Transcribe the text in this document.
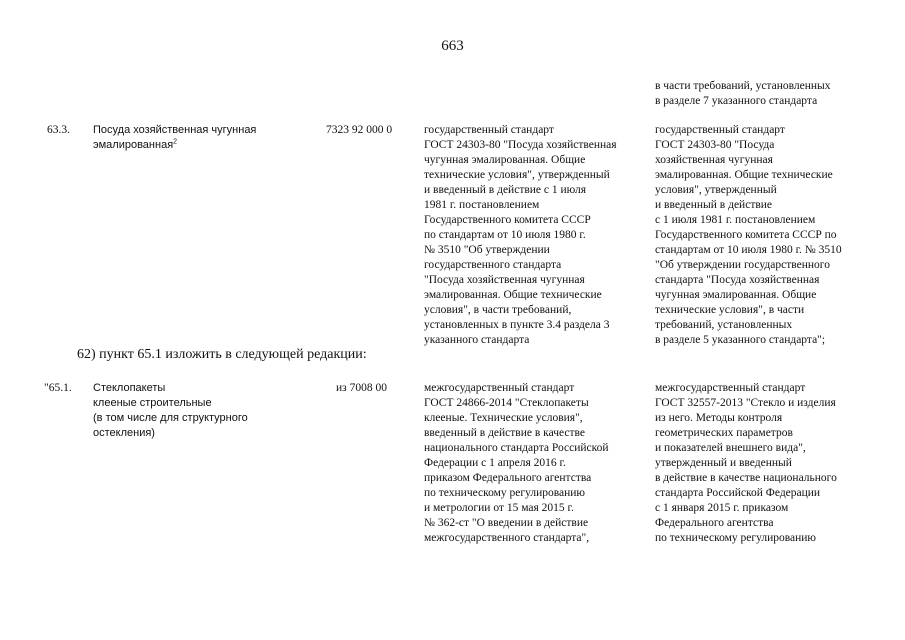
663
в части требований, установленных
в разделе 7 указанного стандарта
63.3. Посуда хозяйственная чугунная
эмалированная$^2$
7323 92 000 0	государственный стандарт
ГОСТ 24303-80 "Посуда хозяйственная
чугунная эмалированная. Общие
технические условия", утвержденный
и введенный в действие с 1 июля
1981 г. постановлением
Государственного комитета СССР
по стандартам от 10 июля 1980 г.
№ 3510 "Об утверждении
государственного стандарта
"Посуда хозяйственная чугунная
эмалированная. Общие технические
условия", в части требований,
установленных в пункте 3.4 раздела 3
указанного стандарта
государственный стандарт
ГОСТ 24303-80 "Посуда
хозяйственная чугунная
эмалированная. Общие технические
условия", утвержденный
и введенный в действие
с 1 июля 1981 г. постановлением
Государственного комитета СССР по
стандартам от 10 июля 1980 г. № 3510
"Об утверждении государственного
стандарта "Посуда хозяйственная
чугунная эмалированная. Общие
технические условия", в части
требований, установленных
в разделе 5 указанного стандарта";
62) пункт 65.1 изложить в следующей редакции:
"65.1. Стеклопакеты
клееные строительные
(в том числе для структурного
остекления)
из 7008 00	межгосударственный стандарт
ГОСТ 24866-2014 "Стеклопакеты
клееные. Технические условия",
введенный в действие в качестве
национального стандарта Российской
Федерации с 1 апреля 2016 г.
приказом Федерального агентства
по техническому регулированию
и метрологии от 15 мая 2015 г.
№ 362-ст "О введении в действие
межгосударственного стандарта",
межгосударственный стандарт
ГОСТ 32557-2013 "Стекло и изделия
из него. Методы контроля
геометрических параметров
и показателей внешнего вида",
утвержденный и введенный
в действие в качестве национального
стандарта Российской Федерации
с 1 января 2015 г. приказом
Федерального агентства
по техническому регулированию
